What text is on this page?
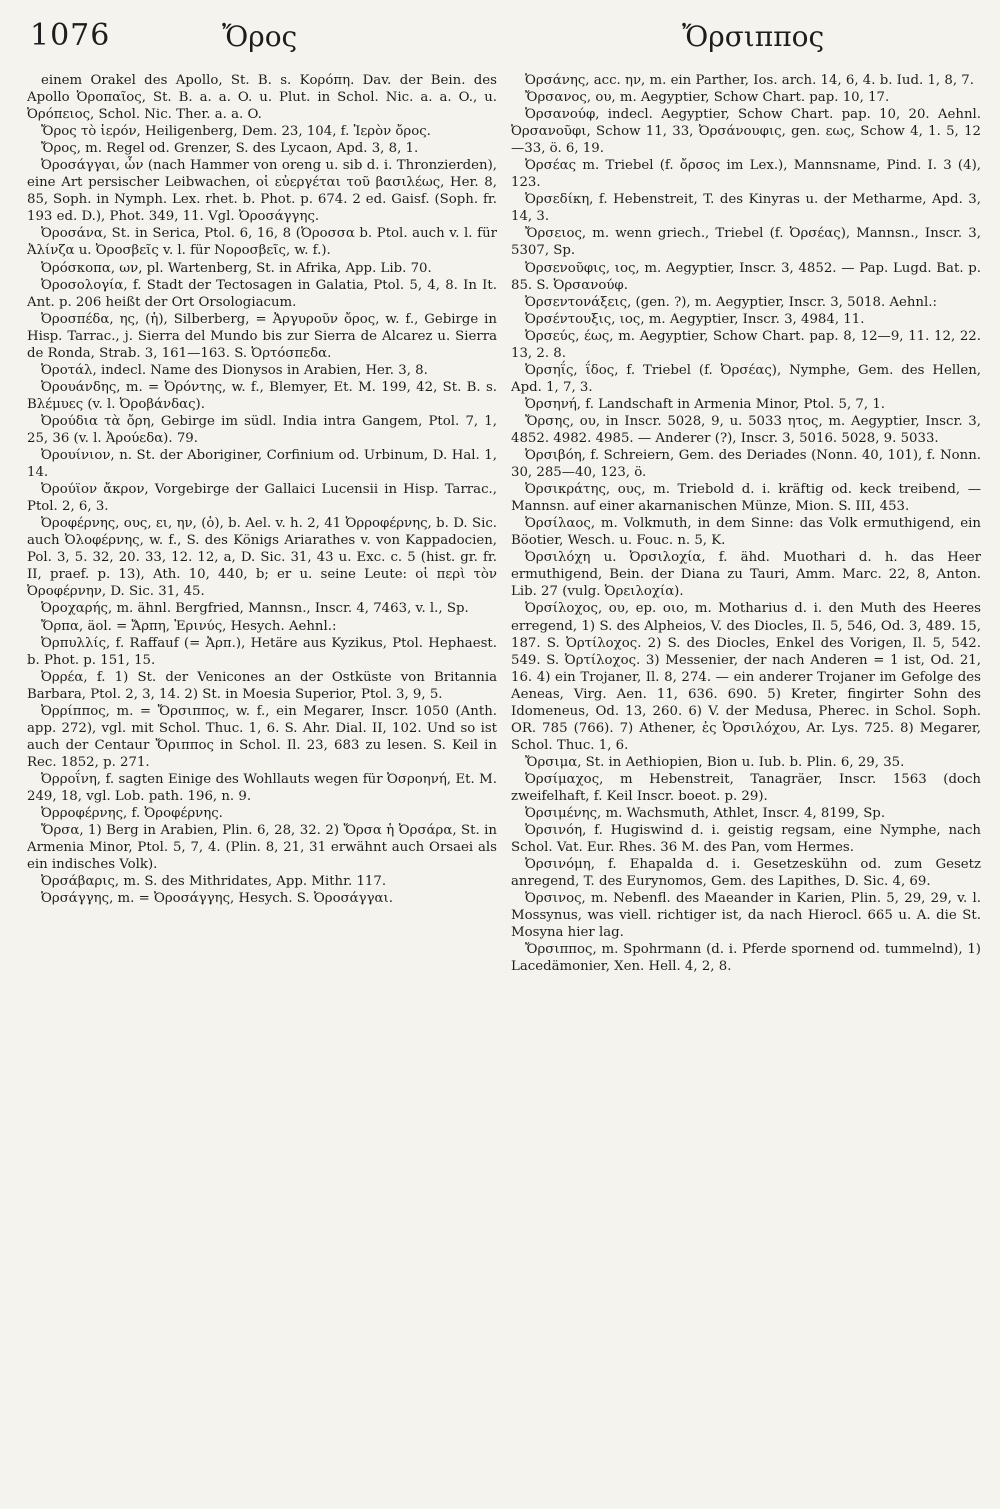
1076	Ὄρος	Ὄρσιππος

einem Orakel des Apollo, St. B. s. Κορόπη. Dav. der Bein. des Apollo Ὀροπαῖος, St. B. a. a. O. u. Plut. in Schol. Nic. a. a. O., u. Ὀρόπειος, Schol. Nic. Ther. a. a. O.

Ὄρος τὸ ἱερόν, Heiligenberg, Dem. 23, 104, f. Ἱερὸν ὄρος.

Ὄρος, m. Regel od. Grenzer, S. des Lycaon, Apd. 3, 8, 1.

Ὀροσάγγαι, ὧν (nach Hammer von oreng u. sib d. i. Thronzierden), eine Art persischer Leibwachen, οἱ εὐεργέται τοῦ βασιλέως, Her. 8, 85, Soph. in Nymph. Lex. rhet. b. Phot. p. 674. 2 ed. Gaisf. (Soph. fr. 193 ed. D.), Phot. 349, 11. Vgl. Ὀροσάγγης.

Ὀροσάνα, St. in Serica, Ptol. 6, 16, 8 (Ὀροσσα b. Ptol. auch v. l. für Ἀλίνζα u. Ὀροσβεῖς v. l. für Νοροσβεῖς, w. f.).

Ὀρόσκοπα, ων, pl. Wartenberg, St. in Afrika, App. Lib. 70.

Ὀροσολογία, f. Stadt der Tectosagen in Galatia, Ptol. 5, 4, 8. In It. Ant. p. 206 heißt der Ort Orsologiacum.

Ὀροσπέδα, ης, (ἡ), Silberberg, = Ἀργυροῦν ὄρος, w. f., Gebirge in Hisp. Tarrac., j. Sierra del Mundo bis zur Sierra de Alcarez u. Sierra de Ronda, Strab. 3, 161—163. S. Ὀρτόσπεδα.

Ὀροτάλ, indecl. Name des Dionysos in Arabien, Her. 3, 8.

Ὀρουάνδης, m. = Ὀρόντης, w. f., Blemyer, Et. M. 199, 42, St. B. s. Βλέμυες (v. l. Ὀροβάνδας).

Ὀρούδια τὰ ὄρη, Gebirge im südl. India intra Gangem, Ptol. 7, 1, 25, 36 (v. l. Ἀρούεδα). 79.

Ὀρουίνιον, n. St. der Aboriginer, Corfinium od. Urbinum, D. Hal. 1, 14.

Ὀρούϊον ἄκρον, Vorgebirge der Gallaici Lucensii in Hisp. Tarrac., Ptol. 2, 6, 3.

Ὀροφέρνης, ους, ει, ην, (ὁ), b. Ael. v. h. 2, 41 Ὀρροφέρνης, b. D. Sic. auch Ὀλοφέρνης, w. f., S. des Königs Ariarathes v. von Kappadocien, Pol. 3, 5. 32, 20. 33, 12. 12, a, D. Sic. 31, 43 u. Exc. c. 5 (hist. gr. fr. II, praef. p. 13), Ath. 10, 440, b; er u. seine Leute: οἱ περὶ τὸν Ὀροφέρνην, D. Sic. 31, 45.

Ὀροχαρής, m. ähnl. Bergfried, Mannsn., Inscr. 4, 7463, v. l., Sp.

Ὄρπα, äol. = Ἄρπη, Ἐρινύς, Hesych. Aehnl.:

Ὀρπυλλίς, f. Raffauf (= Ἀρπ.), Hetäre aus Kyzikus, Ptol. Hephaest. b. Phot. p. 151, 15.

Ὀρρέα, f. 1) St. der Venicones an der Ostküste von Britannia Barbara, Ptol. 2, 3, 14. 2) St. in Moesia Superior, Ptol. 3, 9, 5.

Ὀρρίππος, m. = Ὄρσιππος, w. f., ein Megarer, Inscr. 1050 (Anth. app. 272), vgl. mit Schol. Thuc. 1, 6. S. Ahr. Dial. II, 102. Und so ist auch der Centaur Ὄριππος in Schol. Il. 23, 683 zu lesen. S. Keil in Rec. 1852, p. 271.

Ὀρροΐνη, f. sagten Einige des Wohllauts wegen für Ὀσροηνή, Et. M. 249, 18, vgl. Lob. path. 196, n. 9.

Ὀρροφέρνης, f. Ὀροφέρνης.

Ὄρσα, 1) Berg in Arabien, Plin. 6, 28, 32. 2) Ὄρσα ἡ Ὀρσάρα, St. in Armenia Minor, Ptol. 5, 7, 4. (Plin. 8, 21, 31 erwähnt auch Orsaei als ein indisches Volk).

Ὀρσάβαρις, m. S. des Mithridates, App. Mithr. 117.

Ὀρσάγγης, m. = Ὀροσάγγης, Hesych. S. Ὀροσάγγαι.

Ὀρσάνης, acc. ην, m. ein Parther, Ios. arch. 14, 6, 4. b. Iud. 1, 8, 7.

Ὄρσανος, ου, m. Aegyptier, Schow Chart. pap. 10, 17.

Ὀρσανούφ, indecl. Aegyptier, Schow Chart. pap. 10, 20. Aehnl. Ὀρσανοῦφι, Schow 11, 33, Ὀρσάνουφις, gen. εως, Schow 4, 1. 5, 12—33, ö. 6, 19.

Ὀρσέας m. Triebel (f. ὄρσος im Lex.), Mannsname, Pind. I. 3 (4), 123.

Ὀρσεδίκη, f. Hebenstreit, T. des Kinyras u. der Metharme, Apd. 3, 14, 3.

Ὄρσειος, m. wenn griech., Triebel (f. Ὀρσέας), Mannsn., Inscr. 3, 5307, Sp.

Ὀρσενοῦφις, ιος, m. Aegyptier, Inscr. 3, 4852. — Pap. Lugd. Bat. p. 85. S. Ὀρσανούφ.

Ὀρσεντονάξεις, (gen. ?), m. Aegyptier, Inscr. 3, 5018. Aehnl.:

Ὀρσέντουξις, ιος, m. Aegyptier, Inscr. 3, 4984, 11.

Ὀρσεύς, έως, m. Aegyptier, Schow Chart. pap. 8, 12—9, 11. 12, 22. 13, 2. 8.

Ὀρσηΐς, ΐδος, f. Triebel (f. Ὀρσέας), Nymphe, Gem. des Hellen, Apd. 1, 7, 3.

Ὀρσηνή, f. Landschaft in Armenia Minor, Ptol. 5, 7, 1.

Ὄρσης, ου, in Inscr. 5028, 9, u. 5033 ητος, m. Aegyptier, Inscr. 3, 4852. 4982. 4985. — Anderer (?), Inscr. 3, 5016. 5028, 9. 5033.

Ὀρσιβόη, f. Schreiern, Gem. des Deriades (Nonn. 40, 101), f. Nonn. 30, 285—40, 123, ö.

Ὀρσικράτης, ους, m. Triebold d. i. kräftig od. keck treibend, — Mannsn. auf einer akarnanischen Münze, Mion. S. III, 453.

Ὀρσίλαος, m. Volkmuth, in dem Sinne: das Volk ermuthigend, ein Böotier, Wesch. u. Fouc. n. 5, K.

Ὀρσιλόχη u. Ὀρσιλοχία, f. ähd. Muothari d. h. das Heer ermuthigend, Bein. der Diana zu Tauri, Amm. Marc. 22, 8, Anton. Lib. 27 (vulg. Ὀρειλοχία).

Ὀρσίλοχος, ου, ep. οιο, m. Motharius d. i. den Muth des Heeres erregend, 1) S. des Alpheios, V. des Diocles, Il. 5, 546, Od. 3, 489. 15, 187. S. Ὀρτίλοχος. 2) S. des Diocles, Enkel des Vorigen, Il. 5, 542. 549. S. Ὀρτίλοχος. 3) Messenier, der nach Anderen = 1 ist, Od. 21, 16. 4) ein Trojaner, Il. 8, 274. — ein anderer Trojaner im Gefolge des Aeneas, Virg. Aen. 11, 636. 690. 5) Kreter, fingirter Sohn des Idomeneus, Od. 13, 260. 6) V. der Medusa, Pherec. in Schol. Soph. OR. 785 (766). 7) Athener, ἐς Ὀρσιλόχου, Ar. Lys. 725. 8) Megarer, Schol. Thuc. 1, 6.

Ὄρσιμα, St. in Aethiopien, Bion u. Iub. b. Plin. 6, 29, 35.

Ὀρσίμαχος, m Hebenstreit, Tanagräer, Inscr. 1563 (doch zweifelhaft, f. Keil Inscr. boeot. p. 29).

Ὀρσιμένης, m. Wachsmuth, Athlet, Inscr. 4, 8199, Sp.

Ὀρσινόη, f. Hugiswind d. i. geistig regsam, eine Nymphe, nach Schol. Vat. Eur. Rhes. 36 M. des Pan, vom Hermes.

Ὀρσινόμη, f. Ehapalda d. i. Gesetzeskühn od. zum Gesetz anregend, T. des Eurynomos, Gem. des Lapithes, D. Sic. 4, 69.

Ὀρσινος, m. Nebenfl. des Maeander in Karien, Plin. 5, 29, 29, v. l. Mossynus, was viell. richtiger ist, da nach Hierocl. 665 u. A. die St. Mosyna hier lag.

Ὄρσιππος, m. Spohrmann (d. i. Pferde spornend od. tummelnd), 1) Lacedämonier, Xen. Hell. 4, 2, 8.
